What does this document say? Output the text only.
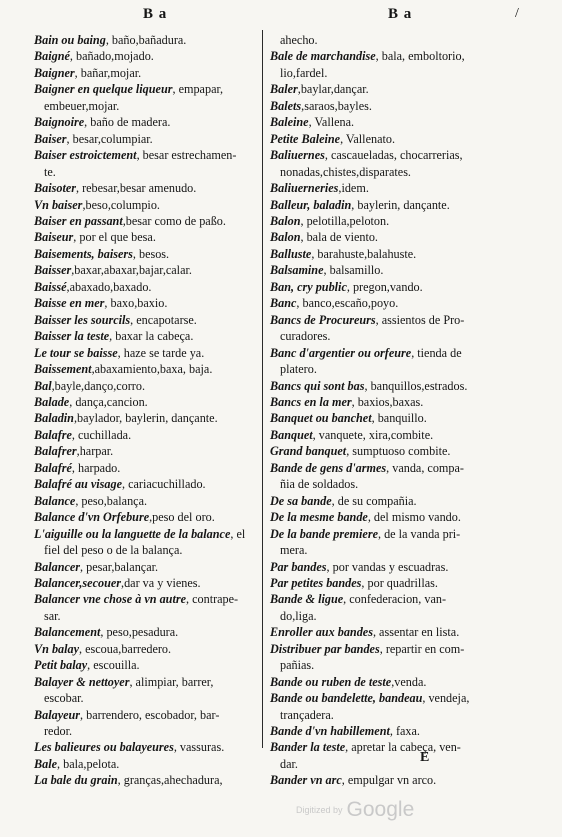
B a	B a	/
Bain ou baing, baño,bañadura.
Baigné, bañado,mojado.
Baigner, bañar,mojar.
Baigner en quelque liqueur, empapar,
embeuer,mojar.
Baignoire, baño de madera.
Baiser, besar,columpiar.
Baiser estroictement, besar estrechamen-
te.
Baisoter, rebesar,besar amenudo.
Vn baiser,beso,columpio.
Baiser en passant,besar como de paßo.
Baiseur, por el que besa.
Baisements, baisers, besos.
Baisser,baxar,abaxar,bajar,calar.
Baissé,abaxado,baxado.
Baisse en mer, baxo,baxio.
Baisser les sourcils, encapotarse.
Baisser la teste, baxar la cabeça.
Le tour se baisse, haze se tarde ya.
Baissement,abaxamiento,baxa, baja.
Bal,bayle,danço,corro.
Balade, dança,cancion.
Baladin,baylador, baylerin, dançante.
Balafre, cuchillada.
Balafrer,harpar.
Balafré, harpado.
Balafré au visage, cariacuchillado.
Balance, peso,balança.
Balance d'vn Orfebure,peso del oro.
L'aiguille ou la languette de la balance, el
fiel del peso o de la balança.
Balancer, pesar,balançar.
Balancer,secouer,dar va y vienes.
Balancer vne chose à vn autre, contrape-
sar.
Balancement, peso,pesadura.
Vn balay, escoua,barredero.
Petit balay, escouilla.
Balayer & nettoyer, alimpiar, barrer,
escobar.
Balayeur, barrendero, escobador, bar-
redor.
Les balieures ou balayeures, vassuras.
Bale, bala,pelota.
La bale du grain, granças,ahechadura,
ahecho.
Bale de marchandise, bala, emboltorio,
lio,fardel.
Baler,baylar,dançar.
Balets,saraos,bayles.
Baleine, Vallena.
Petite Baleine, Vallenato.
Baliuernes, cascaueladas, chocarrerias,
nonadas,chistes,disparates.
Baliuerneries,idem.
Balleur, baladin, baylerin, dançante.
Balon, pelotilla,peloton.
Balon, bala de viento.
Balluste, barahuste,balahuste.
Balsamine, balsamillo.
Ban, cry public, pregon,vando.
Banc, banco,escaño,poyo.
Bancs de Procureurs, assientos de Pro-
curadores.
Banc d'argentier ou orfeure, tienda de
platero.
Bancs qui sont bas, banquillos,estrados.
Bancs en la mer, baxios,baxas.
Banquet ou banchet, banquillo.
Banquet, vanquete, xira,combite.
Grand banquet, sumptuoso combite.
Bande de gens d'armes, vanda, compa-
ñia de soldados.
De sa bande, de su compañia.
De la mesme bande, del mismo vando.
De la bande premiere, de la vanda pri-
mera.
Par bandes, por vandas y escuadras.
Par petites bandes, por quadrillas.
Bande & ligue, confederacion, van-
do,liga.
Enroller aux bandes, assentar en lista.
Distribuer par bandes, repartir en com-
pañias.
Bande ou ruben de teste,venda.
Bande ou bandelette, bandeau, vendeja,
trançadera.
Bande d'vn habillement, faxa.
Bander la teste, apretar la cabeça, ven-
dar.
Bander vn arc, empulgar vn arco.
E
Digitized by Google
